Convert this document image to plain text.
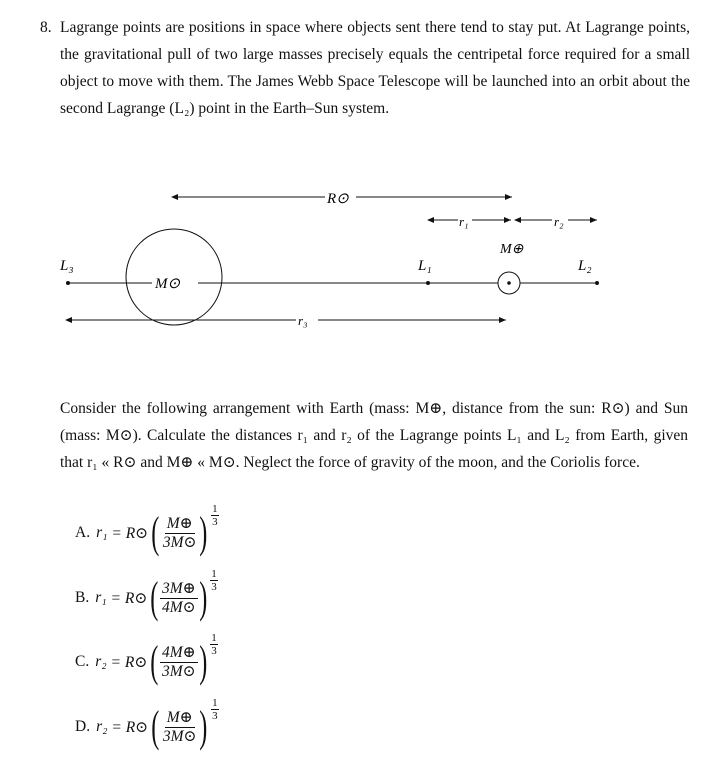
8. Lagrange points are positions in space where objects sent there tend to stay put. At Lagrange points, the gravitational pull of two large masses precisely equals the centripetal force required for a small object to move with them. The James Webb Space Telescope will be launched into an orbit about the second Lagrange (L₂) point in the Earth–Sun system.
R⊙
r₁	r₂
M⊕
L₃	L₁	L₂
M⊙
r₃
Consider the following arrangement with Earth (mass: M⊕, distance from the sun: R⊙) and Sun (mass: M⊙). Calculate the distances r₁ and r₂ of the Lagrange points L₁ and L₂ from Earth, given that r₁ « R⊙ and M⊕ « M⊙. Neglect the force of gravity of the moon, and the Coriolis force.
A. r₁
= R⊙ ( $\frac{M\oplus}{3M⊙}$ ) 1
3
B. r₁
= R⊙ ( $\frac{3M\oplus}{4M⊙}$ ) 1
3
C. r₂
= R⊙ ( $\frac{4M\oplus}{3M⊙}$ ) 1
3
D. r₂
= R⊙ ( $\frac{M\oplus}{3M⊙}$ ) 1
3
